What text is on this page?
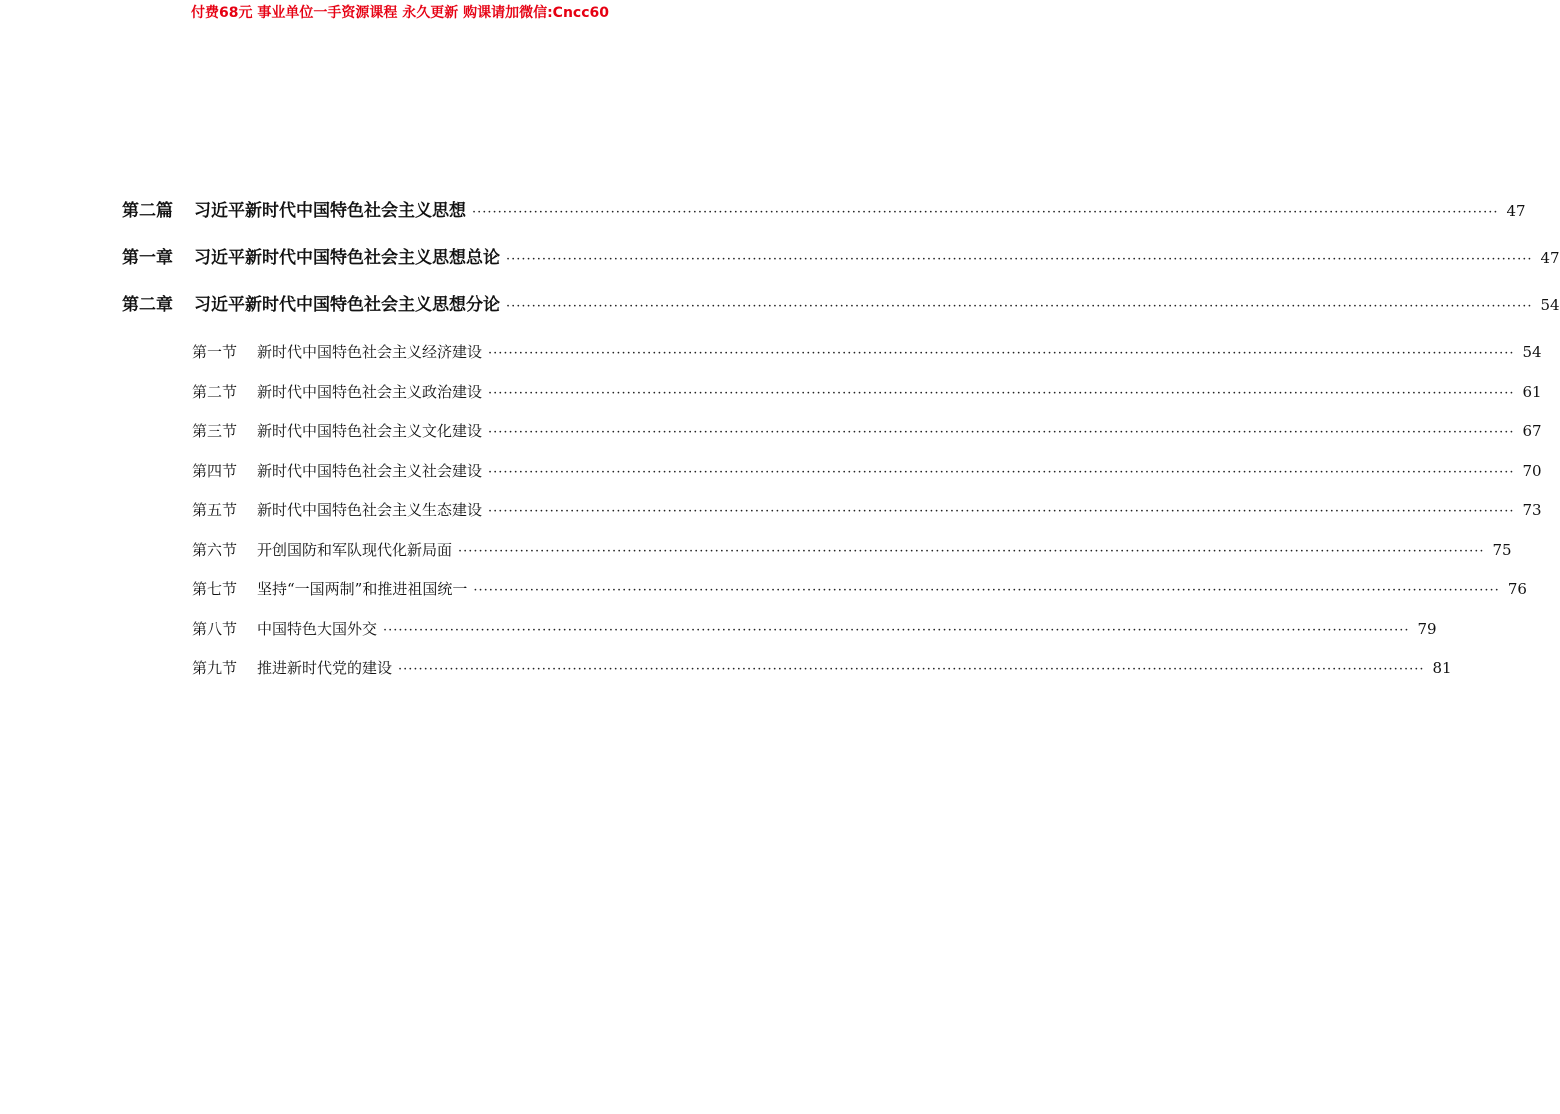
付费68元 事业单位一手资源课程 永久更新 购课请加微信:Cncc60
第二篇	习近平新时代中国特色社会主义思想 ········································································································································································································ 47
第一章	习近平新时代中国特色社会主义思想总论 ········································································································································································································ 47
第二章	习近平新时代中国特色社会主义思想分论 ········································································································································································································ 54
第一节	新时代中国特色社会主义经济建设 ········································································································································································································ 54
第二节	新时代中国特色社会主义政治建设 ········································································································································································································ 61
第三节	新时代中国特色社会主义文化建设 ········································································································································································································ 67
第四节	新时代中国特色社会主义社会建设 ········································································································································································································ 70
第五节	新时代中国特色社会主义生态建设 ········································································································································································································ 73
第六节	开创国防和军队现代化新局面 ········································································································································································································ 75
第七节	坚持“一国两制”和推进祖国统一 ········································································································································································································ 76
第八节	中国特色大国外交 ········································································································································································································ 79
第九节	推进新时代党的建设 ········································································································································································································ 81
